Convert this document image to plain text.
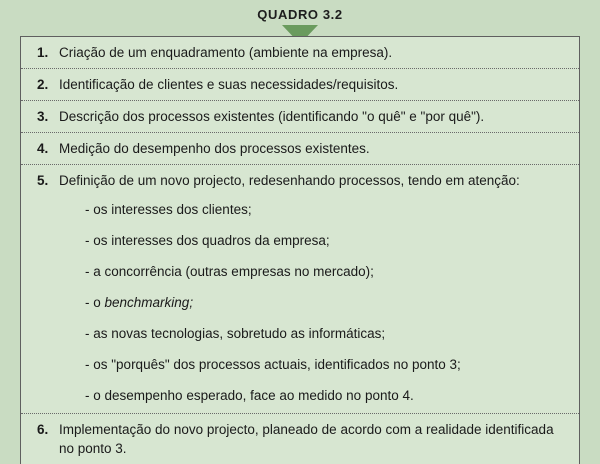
QUADRO 3.2
1. Criação de um enquadramento (ambiente na empresa).
2. Identificação de clientes e suas necessidades/requisitos.
3. Descrição dos processos existentes (identificando "o quê" e "por quê").
4. Medição do desempenho dos processos existentes.
5. Definição de um novo projecto, redesenhando processos, tendo em atenção:
- os interesses dos clientes;
- os interesses dos quadros da empresa;
- a concorrência (outras empresas no mercado);
- o benchmarking;
- as novas tecnologias, sobretudo as informáticas;
- os "porquês" dos processos actuais, identificados no ponto 3;
- o desempenho esperado, face ao medido no ponto 4.
6. Implementação do novo projecto, planeado de acordo com a realidade identificada no ponto 3.
